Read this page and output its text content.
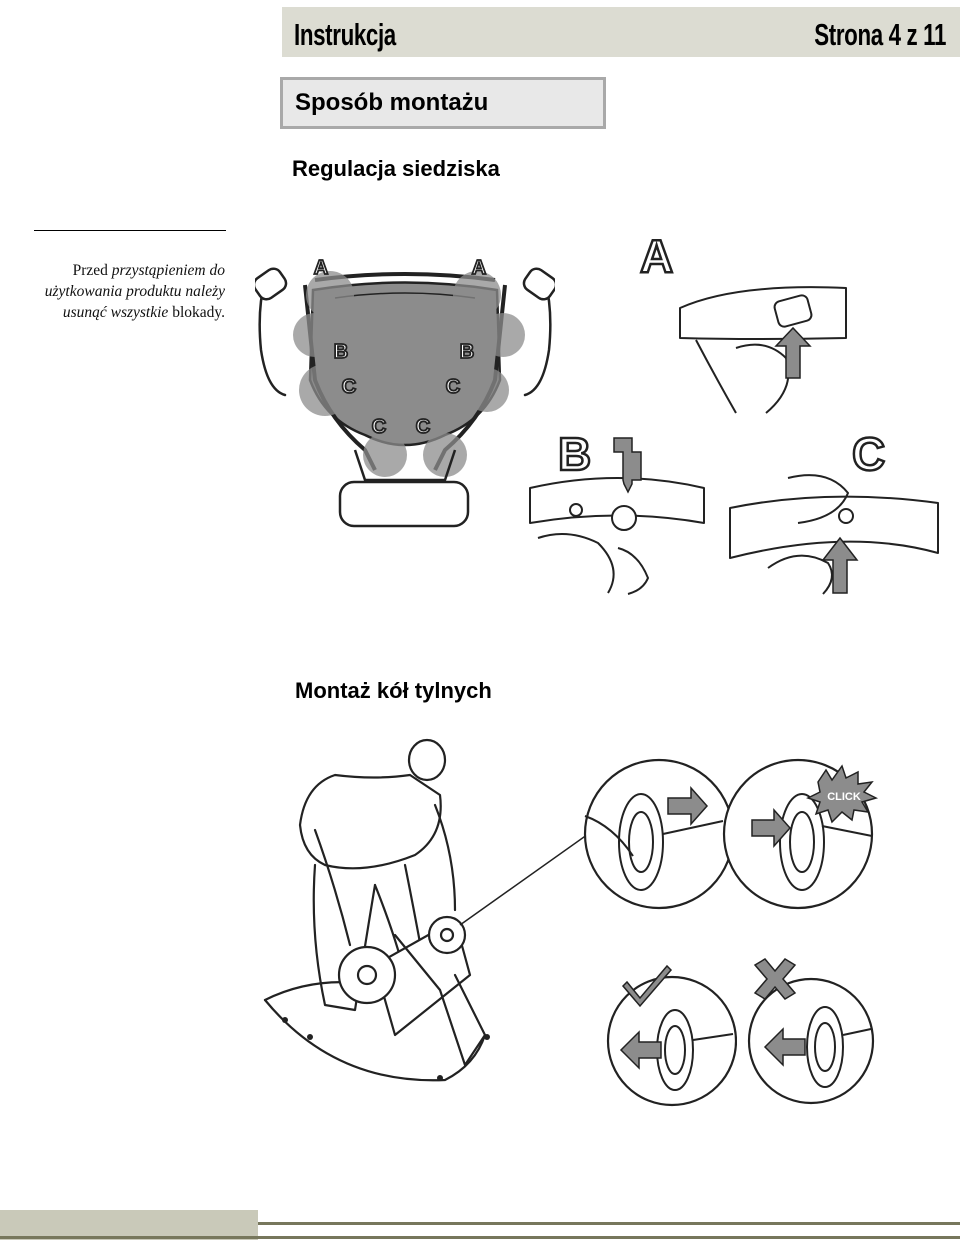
Instrukcja	Strona 4 z 11
Sposób montażu
Regulacja siedziska
Przed przystąpieniem do użytkowania produktu należy usunąć wszystkie blokady.
A	A
B	B
C	C
C C
A
B	C
Montaż kół tylnych
CLICK
